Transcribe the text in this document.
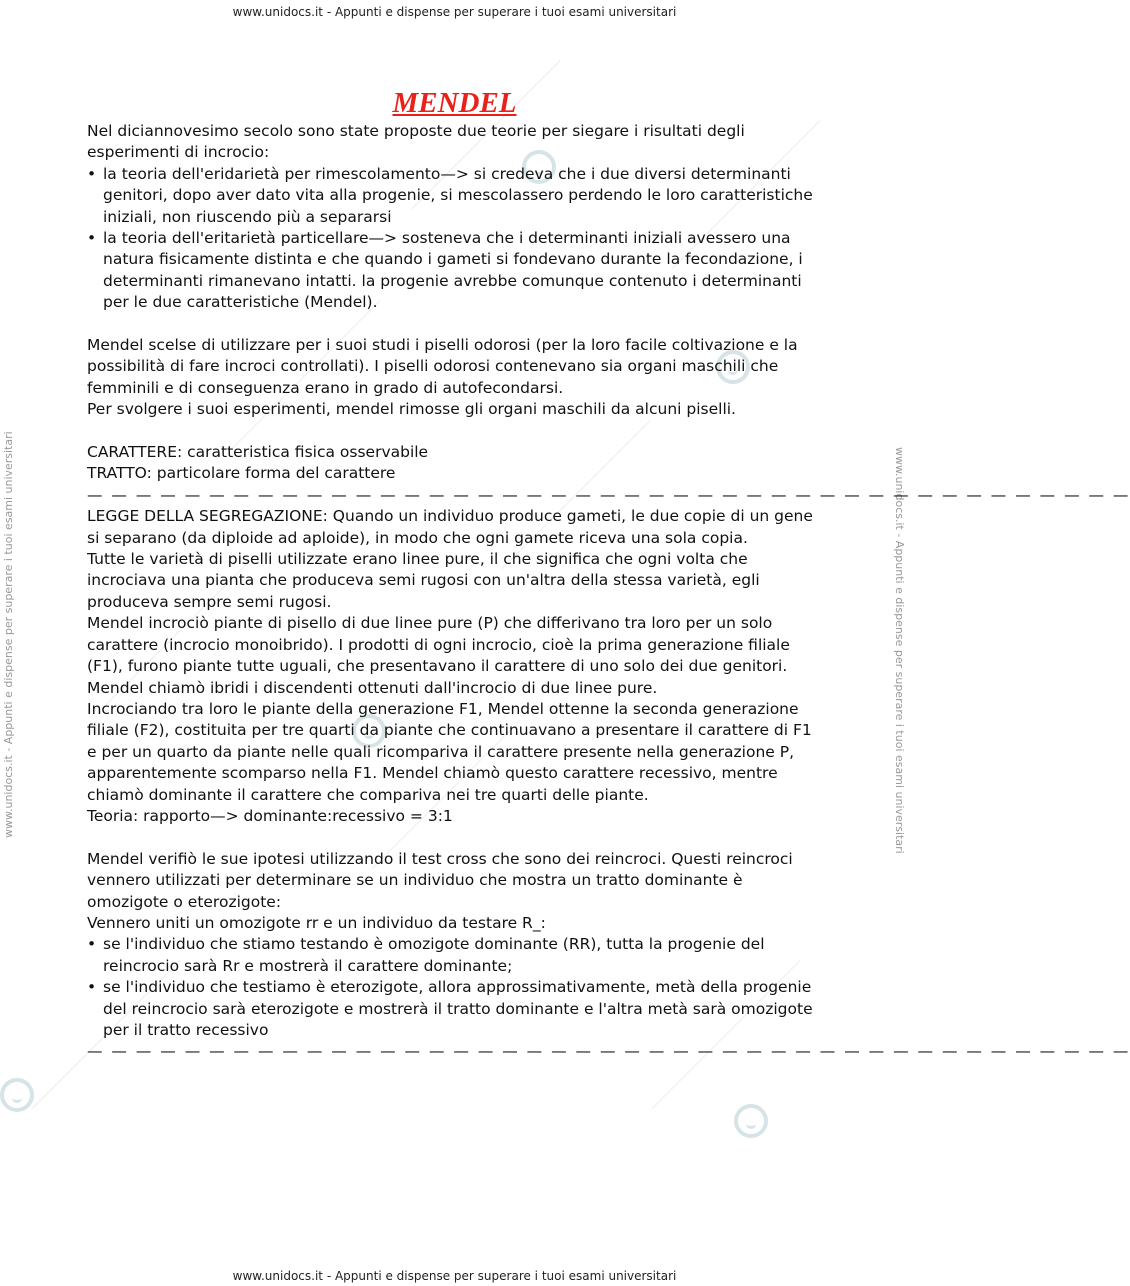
www.unidocs.it - Appunti e dispense per superare i tuoi esami universitari
www.unidocs.it - Appunti e dispense per superare i tuoi esami universitari
www.unidocs.it - Appunti e dispense per superare i tuoi esami universitari	www.unidocs.it - Appunti e dispense per superare i tuoi esami universitari
MENDEL

Nel diciannovesimo secolo sono state proposte due teorie per siegare i risultati degli esperimenti di incrocio:

• la teoria dell'eridarietà per rimescolamento—> si credeva che i due diversi determinanti genitori, dopo aver dato vita alla progenie, si mescolassero perdendo le loro caratteristiche iniziali, non riuscendo più a separarsi
• la teoria dell'eritarietà particellare—> sosteneva che i determinanti iniziali avessero una natura fisicamente distinta e che quando i gameti si fondevano durante la fecondazione, i determinanti rimanevano intatti. la progenie avrebbe comunque contenuto i determinanti per le due caratteristiche (Mendel).

Mendel scelse di utilizzare per i suoi studi i piselli odorosi (per la loro facile coltivazione e la possibilità di fare incroci controllati). I piselli odorosi contenevano sia organi maschili che femminili e di conseguenza erano in grado di autofecondarsi.

Per svolgere i suoi esperimenti, mendel rimosse gli organi maschili da alcuni piselli.

CARATTERE: caratteristica fisica osservabile

TRATTO: particolare forma del carattere

— — — — — — — — — — — — — — — — — — — — — — — — — — — — — — — — — — — — — — — — — — —

LEGGE DELLA SEGREGAZIONE: Quando un individuo produce gameti, le due copie di un gene si separano (da diploide ad aploide), in modo che ogni gamete riceva una sola copia.

Tutte le varietà di piselli utilizzate erano linee pure, il che significa che ogni volta che incrociava una pianta che produceva semi rugosi con un'altra della stessa varietà, egli produceva sempre semi rugosi.

Mendel incrociò piante di pisello di due linee pure (P) che differivano tra loro per un solo carattere (incrocio monoibrido). I prodotti di ogni incrocio, cioè la prima generazione filiale (F1), furono piante tutte uguali, che presentavano il carattere di uno solo dei due genitori.

Mendel chiamò ibridi i discendenti ottenuti dall'incrocio di due linee pure.

Incrociando tra loro le piante della generazione F1, Mendel ottenne la seconda generazione filiale (F2), costituita per tre quarti da piante che continuavano a presentare il carattere di F1 e per un quarto da piante nelle quali ricompariva il carattere presente nella generazione P, apparentemente scomparso nella F1. Mendel chiamò questo carattere recessivo, mentre chiamò dominante il carattere che compariva nei tre quarti delle piante.

Teoria: rapporto—> dominante:recessivo = 3:1

Mendel verifiò le sue ipotesi utilizzando il test cross che sono dei reincroci. Questi reincroci vennero utilizzati per determinare se un individuo che mostra un tratto dominante è omozigote o eterozigote:

Vennero uniti un omozigote rr e un individuo da testare R_:

• se l'individuo che stiamo testando è omozigote dominante (RR), tutta la progenie del reincrocio sarà Rr e mostrerà il carattere dominante;
• se l'individuo che testiamo è eterozigote, allora approssimativamente, metà della progenie del reincrocio sarà eterozigote e mostrerà il tratto dominante e l'altra metà sarà omozigote per il tratto recessivo

— — — — — — — — — — — — — — — — — — — — — — — — — — — — — — — — — — — — — — — — — — —
